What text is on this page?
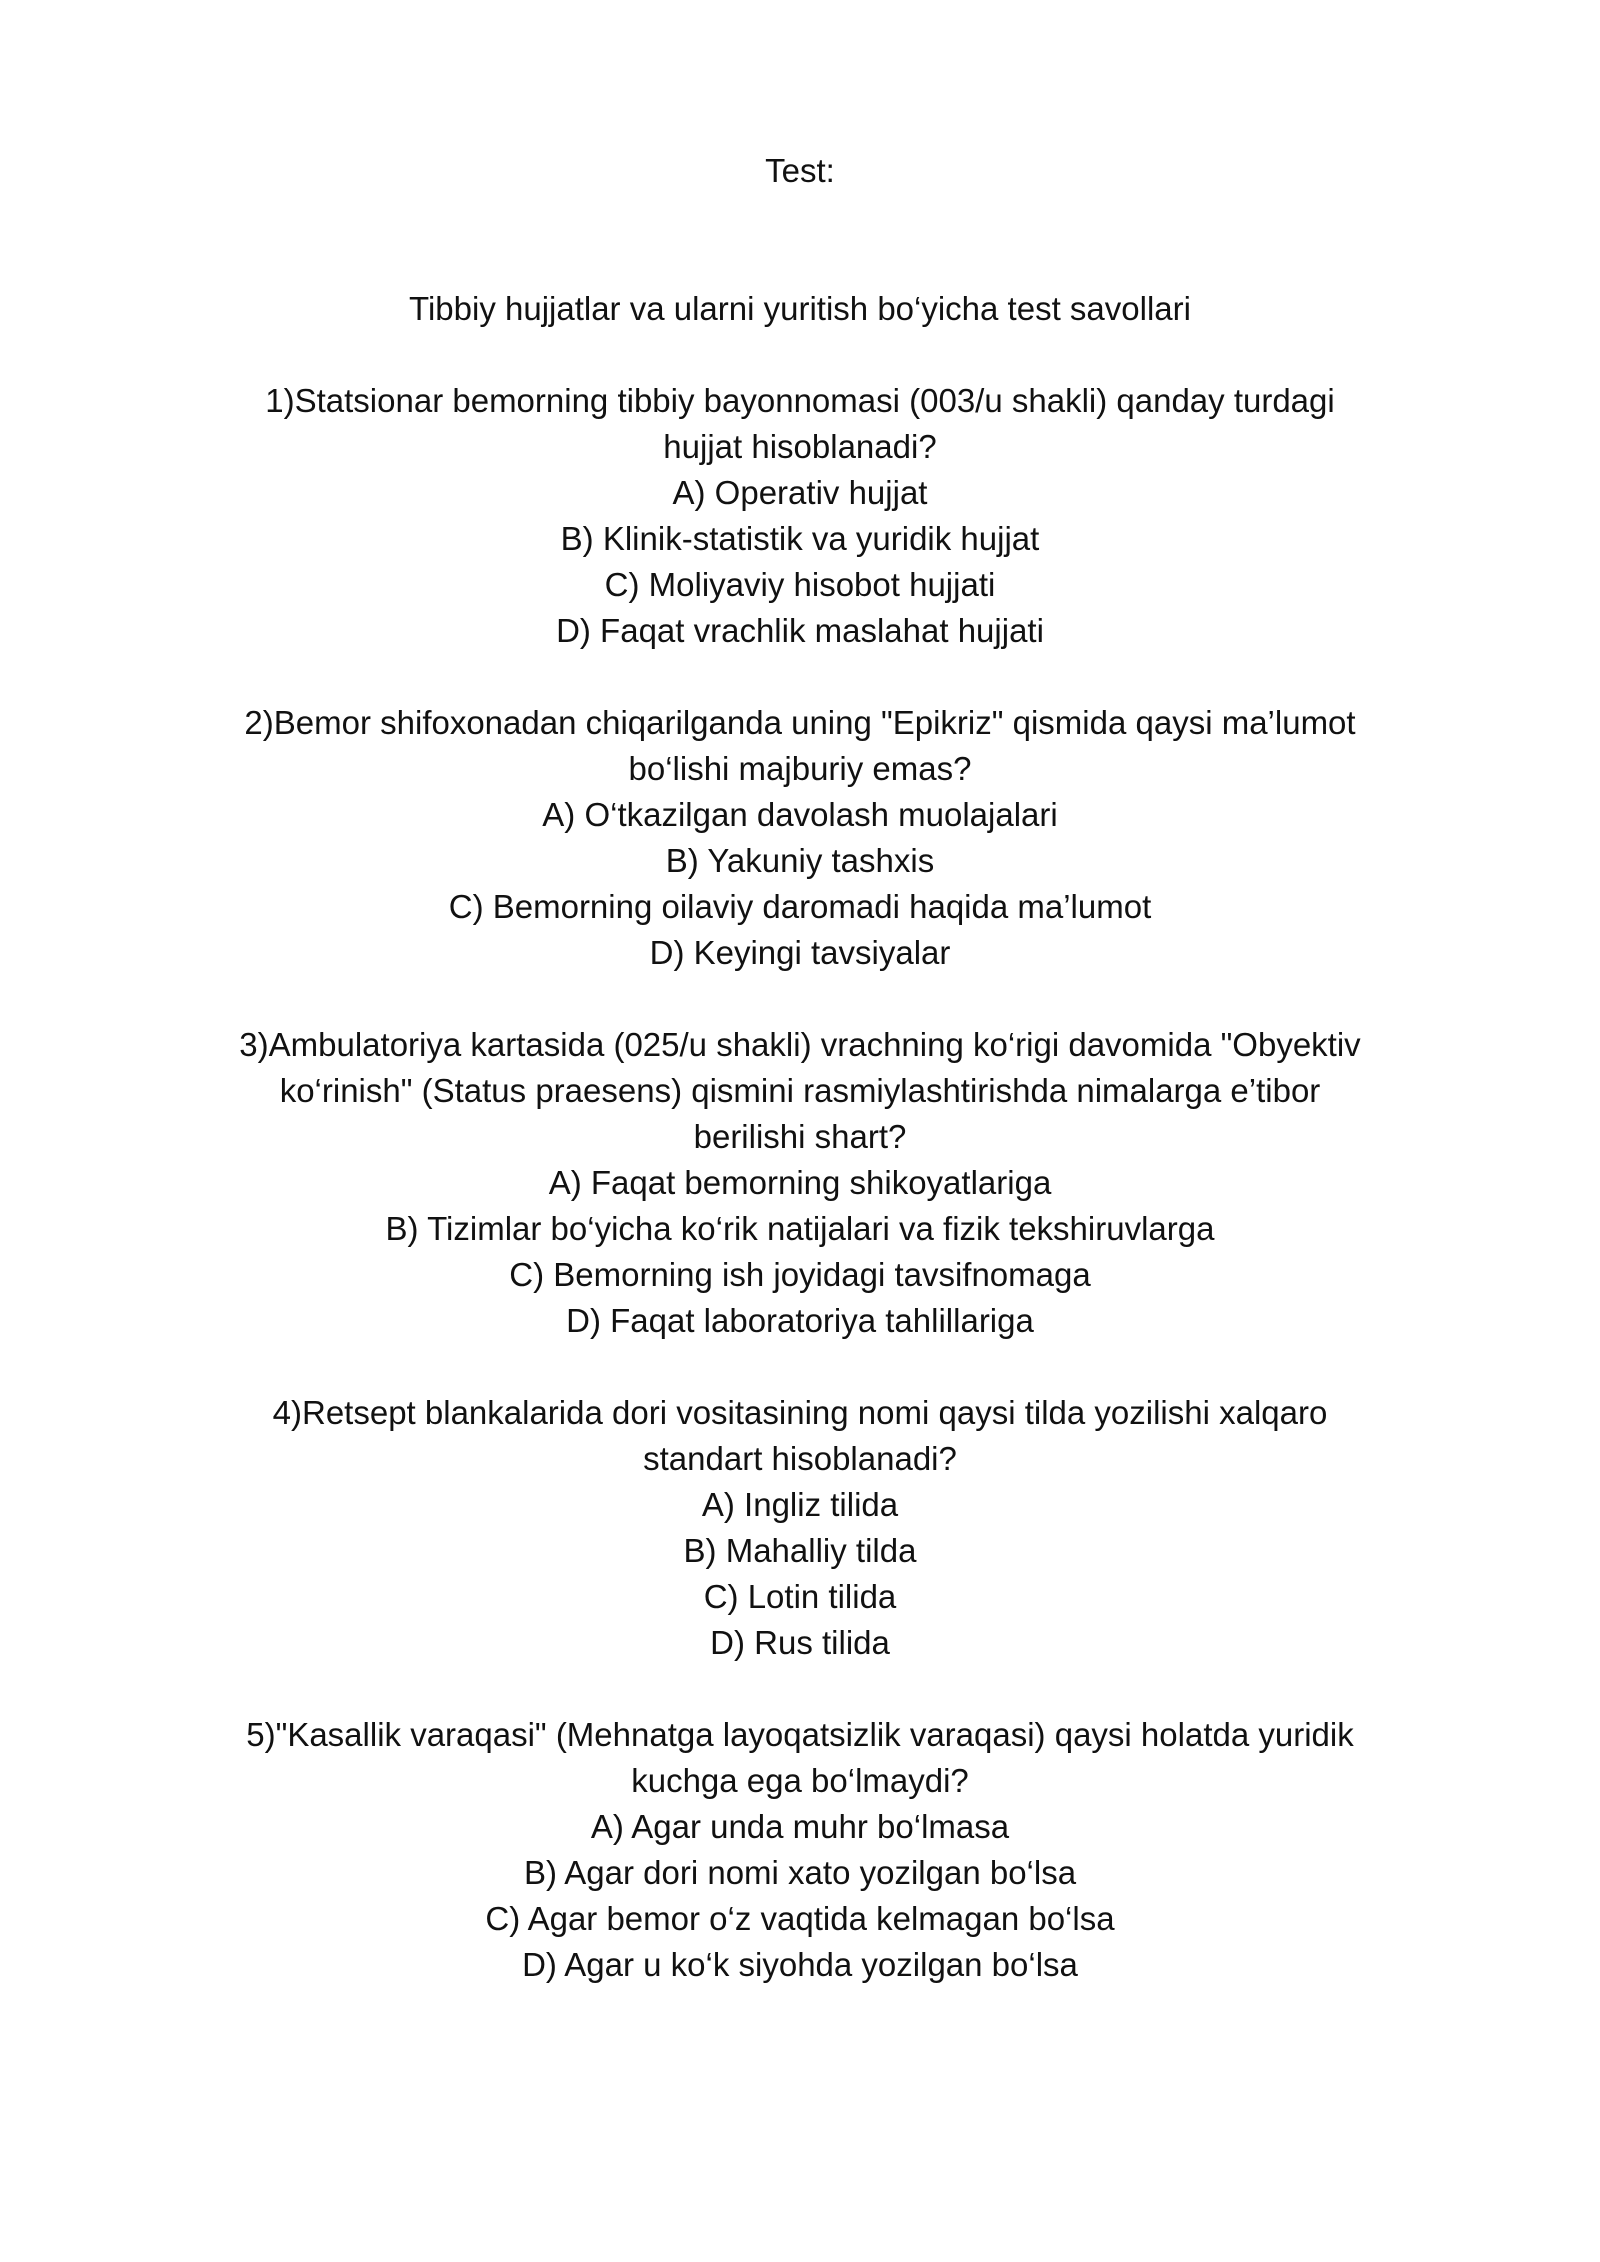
Test:

Tibbiy hujjatlar va ularni yuritish bo‘yicha test savollari

1)Statsionar bemorning tibbiy bayonnomasi (003/u shakli) qanday turdagi hujjat hisoblanadi?

A) Operativ hujjat

B) Klinik-statistik va yuridik hujjat

C) Moliyaviy hisobot hujjati

D) Faqat vrachlik maslahat hujjati

2)Bemor shifoxonadan chiqarilganda uning "Epikriz" qismida qaysi ma’lumot bo‘lishi majburiy emas?

A) O‘tkazilgan davolash muolajalari

B) Yakuniy tashxis

C) Bemorning oilaviy daromadi haqida ma’lumot

D) Keyingi tavsiyalar

3)Ambulatoriya kartasida (025/u shakli) vrachning ko‘rigi davomida "Obyektiv ko‘rinish" (Status praesens) qismini rasmiylashtirishda nimalarga e’tibor berilishi shart?

A) Faqat bemorning shikoyatlariga

B) Tizimlar bo‘yicha ko‘rik natijalari va fizik tekshiruvlarga

C) Bemorning ish joyidagi tavsifnomaga

D) Faqat laboratoriya tahlillariga

4)Retsept blankalarida dori vositasining nomi qaysi tilda yozilishi xalqaro standart hisoblanadi?

A) Ingliz tilida

B) Mahalliy tilda

C) Lotin tilida

D) Rus tilida

5)"Kasallik varaqasi" (Mehnatga layoqatsizlik varaqasi) qaysi holatda yuridik kuchga ega bo‘lmaydi?

A) Agar unda muhr bo‘lmasa

B) Agar dori nomi xato yozilgan bo‘lsa

C) Agar bemor o‘z vaqtida kelmagan bo‘lsa

D) Agar u ko‘k siyohda yozilgan bo‘lsa
